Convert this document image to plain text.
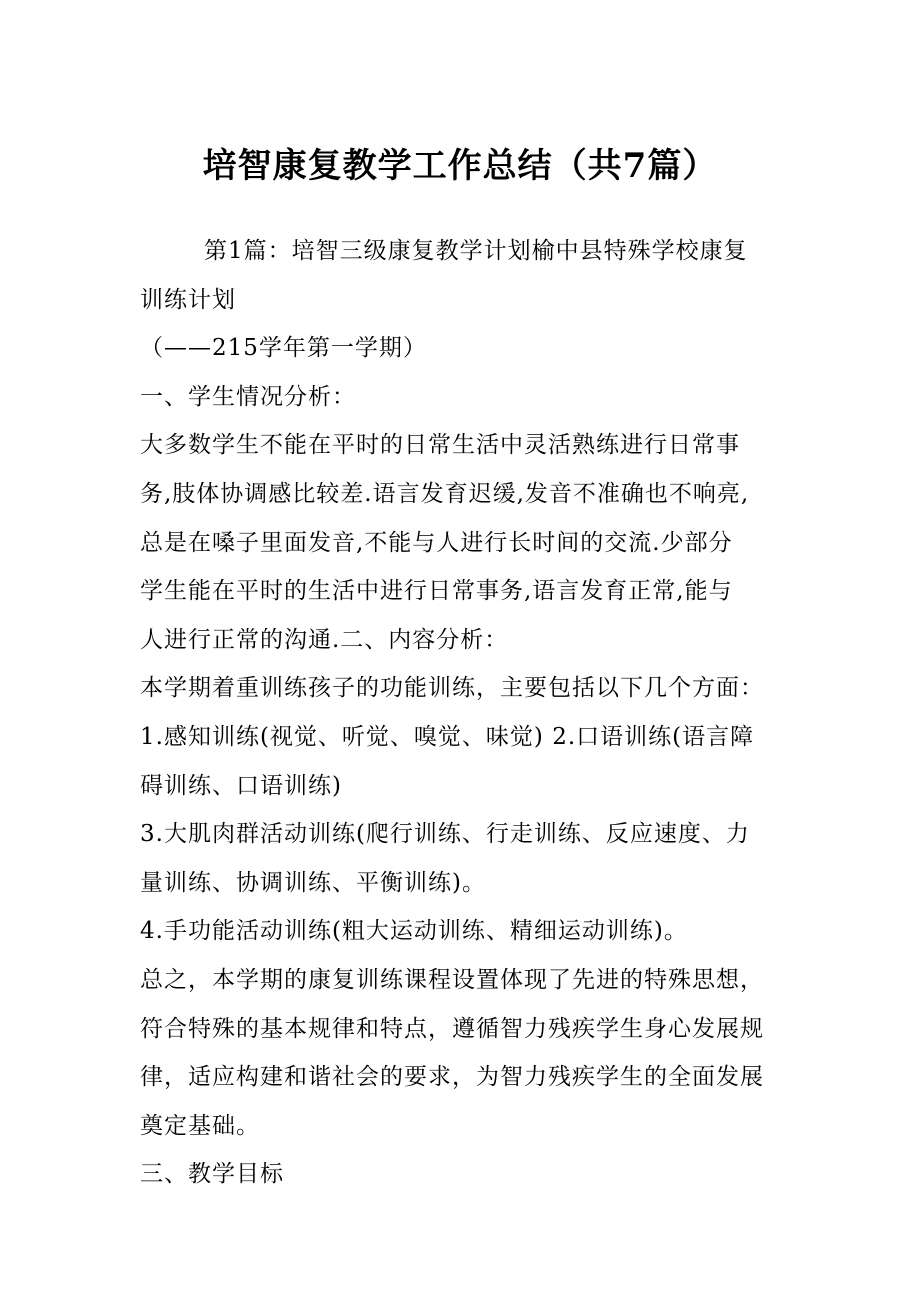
培智康复教学工作总结（共7篇）
第1篇：培智三级康复教学计划榆中县特殊学校康复
训练计划
（——215学年第一学期）
一、学生情况分析：
大多数学生不能在平时的日常生活中灵活熟练进行日常事
务,肢体协调感比较差.语言发育迟缓,发音不准确也不响亮,
总是在嗓子里面发音,不能与人进行长时间的交流.少部分
学生能在平时的生活中进行日常事务,语言发育正常,能与
人进行正常的沟通.二、内容分析：
本学期着重训练孩子的功能训练，主要包括以下几个方面：
1.感知训练(视觉、听觉、嗅觉、味觉) 2.口语训练(语言障
碍训练、口语训练)
3.大肌肉群活动训练(爬行训练、行走训练、反应速度、力
量训练、协调训练、平衡训练)。
4.手功能活动训练(粗大运动训练、精细运动训练)。
总之，本学期的康复训练课程设置体现了先进的特殊思想，
符合特殊的基本规律和特点，遵循智力残疾学生身心发展规
律，适应构建和谐社会的要求，为智力残疾学生的全面发展
奠定基础。
三、教学目标
